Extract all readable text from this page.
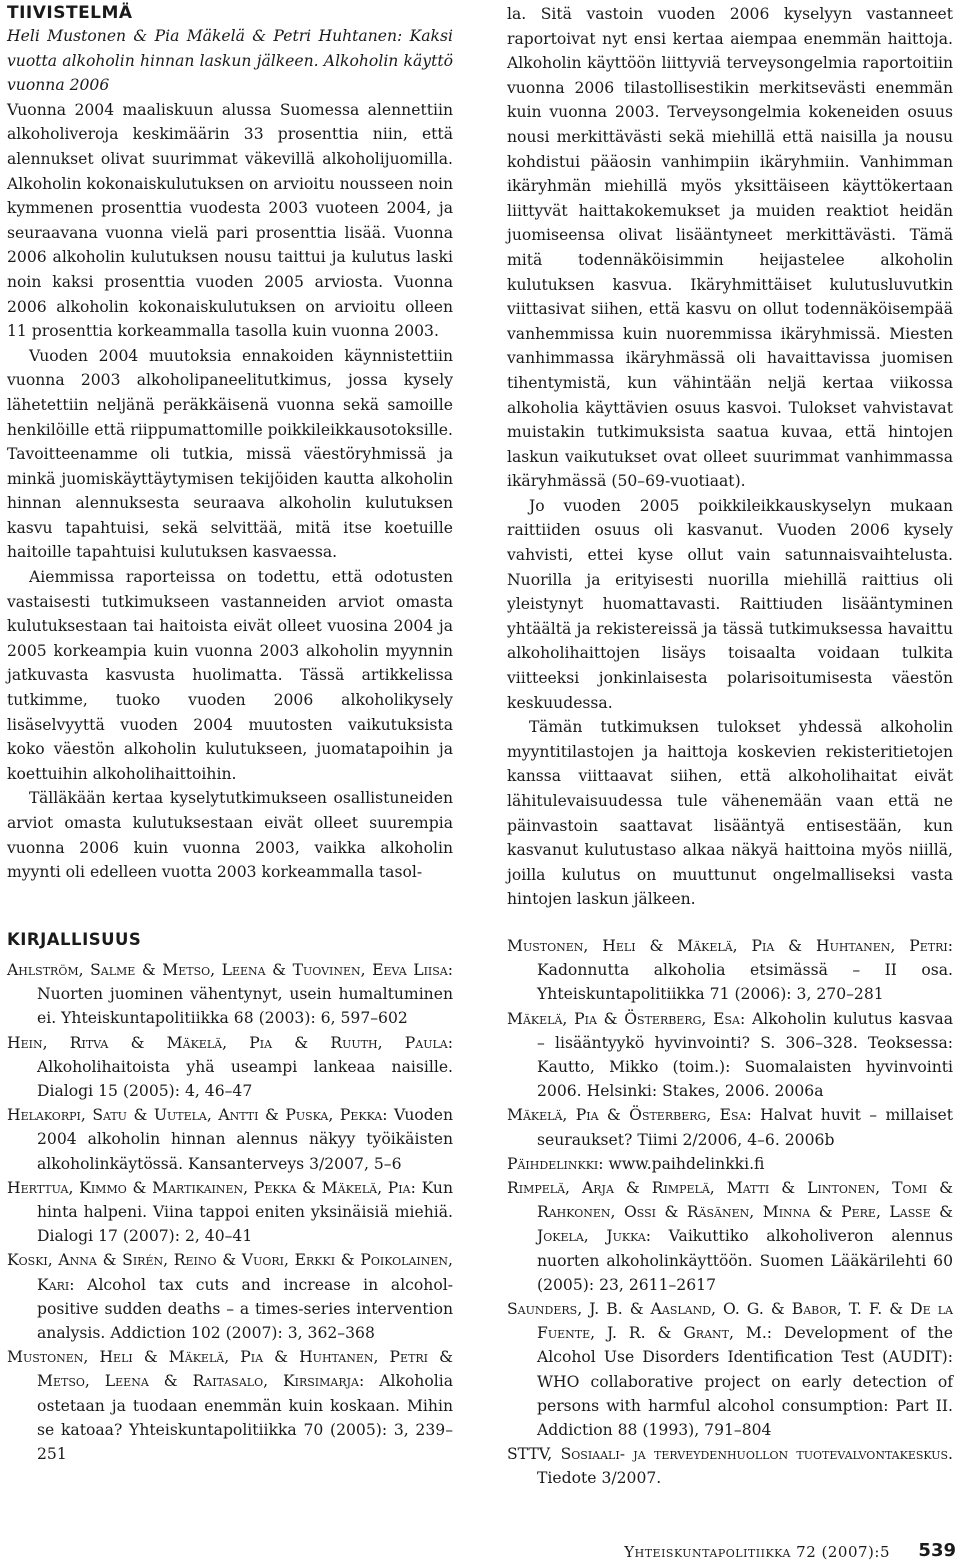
TIIVISTELMÄ

Heli Mustonen & Pia Mäkelä & Petri Huhtanen: Kaksi vuotta alkoholin hinnan laskun jälkeen. Alkoholin käyttö vuonna 2006

Vuonna 2004 maaliskuun alussa Suomessa alennettiin alkoholiveroja keskimäärin 33 prosenttia niin, että alennukset olivat suurimmat väkevillä alkoholijuomilla. Alkoholin kokonaiskulutuksen on arvioitu nousseen noin kymmenen prosenttia vuodesta 2003 vuoteen 2004, ja seuraavana vuonna vielä pari prosenttia lisää. Vuonna 2006 alkoholin kulutuksen nousu taittui ja kulutus laski noin kaksi prosenttia vuoden 2005 arviosta. Vuonna 2006 alkoholin kokonaiskulutuksen on arvioitu olleen 11 prosenttia korkeammalla tasolla kuin vuonna 2003.

Vuoden 2004 muutoksia ennakoiden käynnistettiin vuonna 2003 alkoholipaneelitutkimus, jossa kysely lähetettiin neljänä peräkkäisenä vuonna sekä samoille henkilöille että riippumattomille poikkileikkausotoksille. Tavoitteenamme oli tutkia, missä väestöryhmissä ja minkä juomiskäyttäytymisen tekijöiden kautta alkoholin hinnan alennuksesta seuraava alkoholin kulutuksen kasvu tapahtuisi, sekä selvittää, mitä itse koetuille haitoille tapahtuisi kulutuksen kasvaessa.

Aiemmissa raporteissa on todettu, että odotusten vastaisesti tutkimukseen vastanneiden arviot omasta kulutuksestaan tai haitoista eivät olleet vuosina 2004 ja 2005 korkeampia kuin vuonna 2003 alkoholin myynnin jatkuvasta kasvusta huolimatta. Tässä artikkelissa tutkimme, tuoko vuoden 2006 alkoholikysely lisäselvyyttä vuoden 2004 muutosten vaikutuksista koko väestön alkoholin kulutukseen, juomatapoihin ja koettuihin alkoholihaittoihin.

Tälläkään kertaa kyselytutkimukseen osallistuneiden arviot omasta kulutuksestaan eivät olleet suurempia vuonna 2006 kuin vuonna 2003, vaikka alkoholin myynti oli edelleen vuotta 2003 korkeammalla tasol-

la. Sitä vastoin vuoden 2006 kyselyyn vastanneet raportoivat nyt ensi kertaa aiempaa enemmän haittoja. Alkoholin käyttöön liittyviä terveysongelmia raportoitiin vuonna 2006 tilastollisestikin merkitsevästi enemmän kuin vuonna 2003. Terveysongelmia kokeneiden osuus nousi merkittävästi sekä miehillä että naisilla ja nousu kohdistui pääosin vanhimpiin ikäryhmiin. Vanhimman ikäryhmän miehillä myös yksittäiseen käyttökertaan liittyvät haittakokemukset ja muiden reaktiot heidän juomiseensa olivat lisääntyneet merkittävästi. Tämä mitä todennäköisimmin heijastelee alkoholin kulutuksen kasvua. Ikäryhmittäiset kulutusluvutkin viittasivat siihen, että kasvu on ollut todennäköisempää vanhemmissa kuin nuoremmissa ikäryhmissä. Miesten vanhimmassa ikäryhmässä oli havaittavissa juomisen tihentymistä, kun vähintään neljä kertaa viikossa alkoholia käyttävien osuus kasvoi. Tulokset vahvistavat muistakin tutkimuksista saatua kuvaa, että hintojen laskun vaikutukset ovat olleet suurimmat vanhimmassa ikäryhmässä (50–69-vuotiaat).

Jo vuoden 2005 poikkileikkauskyselyn mukaan raittiiden osuus oli kasvanut. Vuoden 2006 kysely vahvisti, ettei kyse ollut vain satunnaisvaihtelusta. Nuorilla ja erityisesti nuorilla miehillä raittius oli yleistynyt huomattavasti. Raittiuden lisääntyminen yhtäältä ja rekistereissä ja tässä tutkimuksessa havaittu alkoholihaittojen lisäys toisaalta voidaan tulkita viitteeksi jonkinlaisesta polarisoitumisesta väestön keskuudessa.

Tämän tutkimuksen tulokset yhdessä alkoholin myyntitilastojen ja haittoja koskevien rekisteritietojen kanssa viittaavat siihen, että alkoholihaitat eivät lähitulevaisuudessa tule vähenemään vaan että ne päinvastoin saattavat lisääntyä entisestään, kun kasvanut kulutustaso alkaa näkyä haittoina myös niillä, joilla kulutus on muuttunut ongelmalliseksi vasta hintojen laskun jälkeen.

KIRJALLISUUS

Ahlström, Salme & Metso, Leena & Tuovinen, Eeva Liisa: Nuorten juominen vähentynyt, usein humaltuminen ei. Yhteiskuntapolitiikka 68 (2003): 6, 597–602

Hein, Ritva & Mäkelä, Pia & Ruuth, Paula: Alkoholihaitoista yhä useampi lankeaa naisille. Dialogi 15 (2005): 4, 46–47

Helakorpi, Satu & Uutela, Antti & Puska, Pekka: Vuoden 2004 alkoholin hinnan alennus näkyy työikäisten alkoholinkäytössä. Kansanterveys 3/2007, 5–6

Herttua, Kimmo & Martikainen, Pekka & Mäkelä, Pia: Kun hinta halpeni. Viina tappoi eniten yksinäisiä miehiä. Dialogi 17 (2007): 2, 40–41

Koski, Anna & Sirén, Reino & Vuori, Erkki & Poikolainen, Kari: Alcohol tax cuts and increase in alcohol-positive sudden deaths – a times-series intervention analysis. Addiction 102 (2007): 3, 362–368

Mustonen, Heli & Mäkelä, Pia & Huhtanen, Petri & Metso, Leena & Raitasalo, Kirsimarja: Alkoholia ostetaan ja tuodaan enemmän kuin koskaan. Mihin se katoaa? Yhteiskuntapolitiikka 70 (2005): 3, 239–251

Mustonen, Heli & Mäkelä, Pia & Huhtanen, Petri: Kadonnutta alkoholia etsimässä – II osa. Yhteiskuntapolitiikka 71 (2006): 3, 270–281

Mäkelä, Pia & Österberg, Esa: Alkoholin kulutus kasvaa – lisääntyykö hyvinvointi? S. 306–328. Teoksessa: Kautto, Mikko (toim.): Suomalaisten hyvinvointi 2006. Helsinki: Stakes, 2006. 2006a

Mäkelä, Pia & Österberg, Esa: Halvat huvit – millaiset seuraukset? Tiimi 2/2006, 4–6. 2006b

Päihdelinkki: www.paihdelinkki.fi

Rimpelä, Arja & Rimpelä, Matti & Lintonen, Tomi & Rahkonen, Ossi & Räsänen, Minna & Pere, Lasse & Jokela, Jukka: Vaikuttiko alkoholiveron alennus nuorten alkoholinkäyttöön. Suomen Lääkärilehti 60 (2005): 23, 2611–2617

Saunders, J. B. & Aasland, O. G. & Babor, T. F. & De la Fuente, J. R. & Grant, M.: Development of the Alcohol Use Disorders Identification Test (AUDIT): WHO collaborative project on early detection of persons with harmful alcohol consumption: Part II. Addiction 88 (1993), 791–804

STTV, Sosiaali- ja terveydenhuollon tuotevalvontakeskus. Tiedote 3/2007.

Yhteiskuntapolitiikka 72 (2007):5 539
